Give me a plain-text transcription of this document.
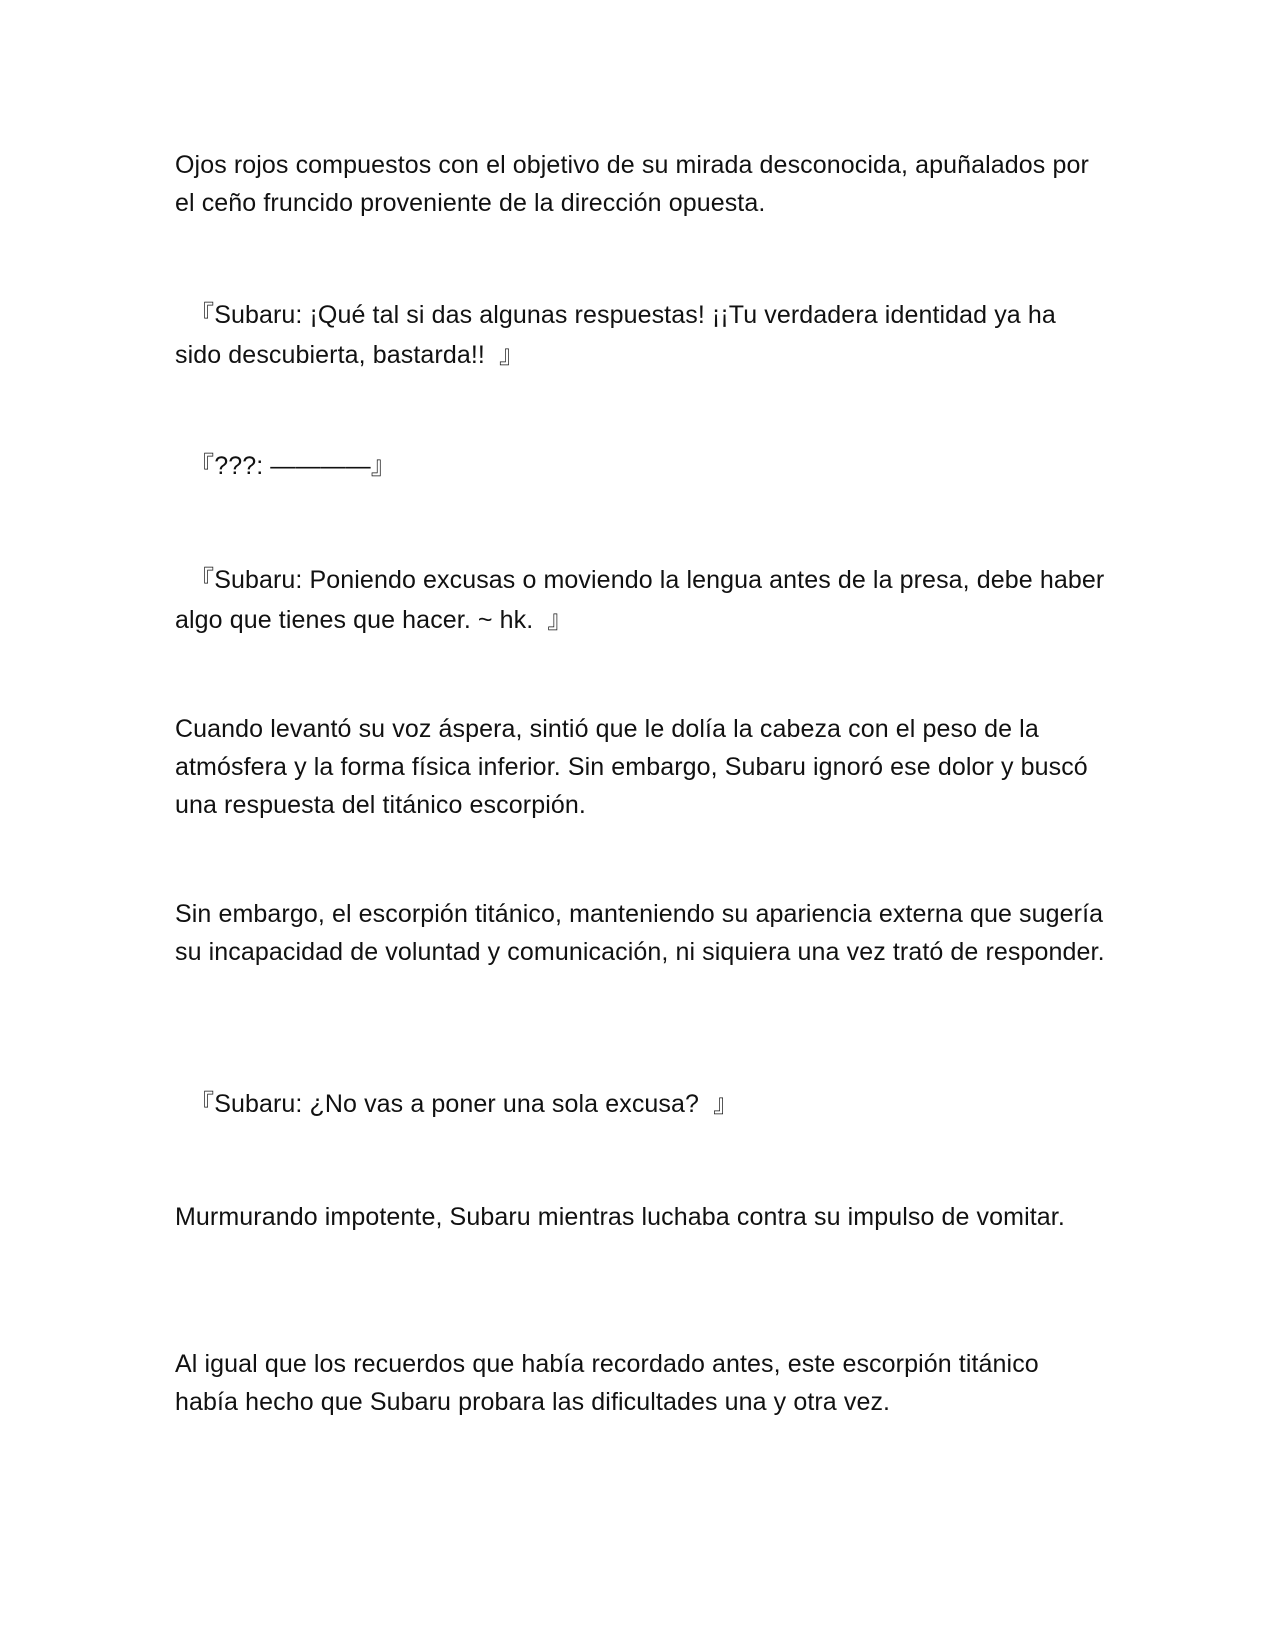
Ojos rojos compuestos con el objetivo de su mirada desconocida, apuñalados por el ceño fruncido proveniente de la dirección opuesta.

『Subaru: ¡Qué tal si das algunas respuestas! ¡¡Tu verdadera identidad ya ha sido descubierta, bastarda!!  』

『???: ————』

『Subaru: Poniendo excusas o moviendo la lengua antes de la presa, debe haber algo que tienes que hacer. ~ hk.  』

Cuando levantó su voz áspera, sintió que le dolía la cabeza con el peso de la atmósfera y la forma física inferior. Sin embargo, Subaru ignoró ese dolor y buscó una respuesta del titánico escorpión.

Sin embargo, el escorpión titánico, manteniendo su apariencia externa que sugería su incapacidad de voluntad y comunicación, ni siquiera una vez trató de responder.

『Subaru: ¿No vas a poner una sola excusa?  』

Murmurando impotente, Subaru mientras luchaba contra su impulso de vomitar.

Al igual que los recuerdos que había recordado antes, este escorpión titánico había hecho que Subaru probara las dificultades una y otra vez.
